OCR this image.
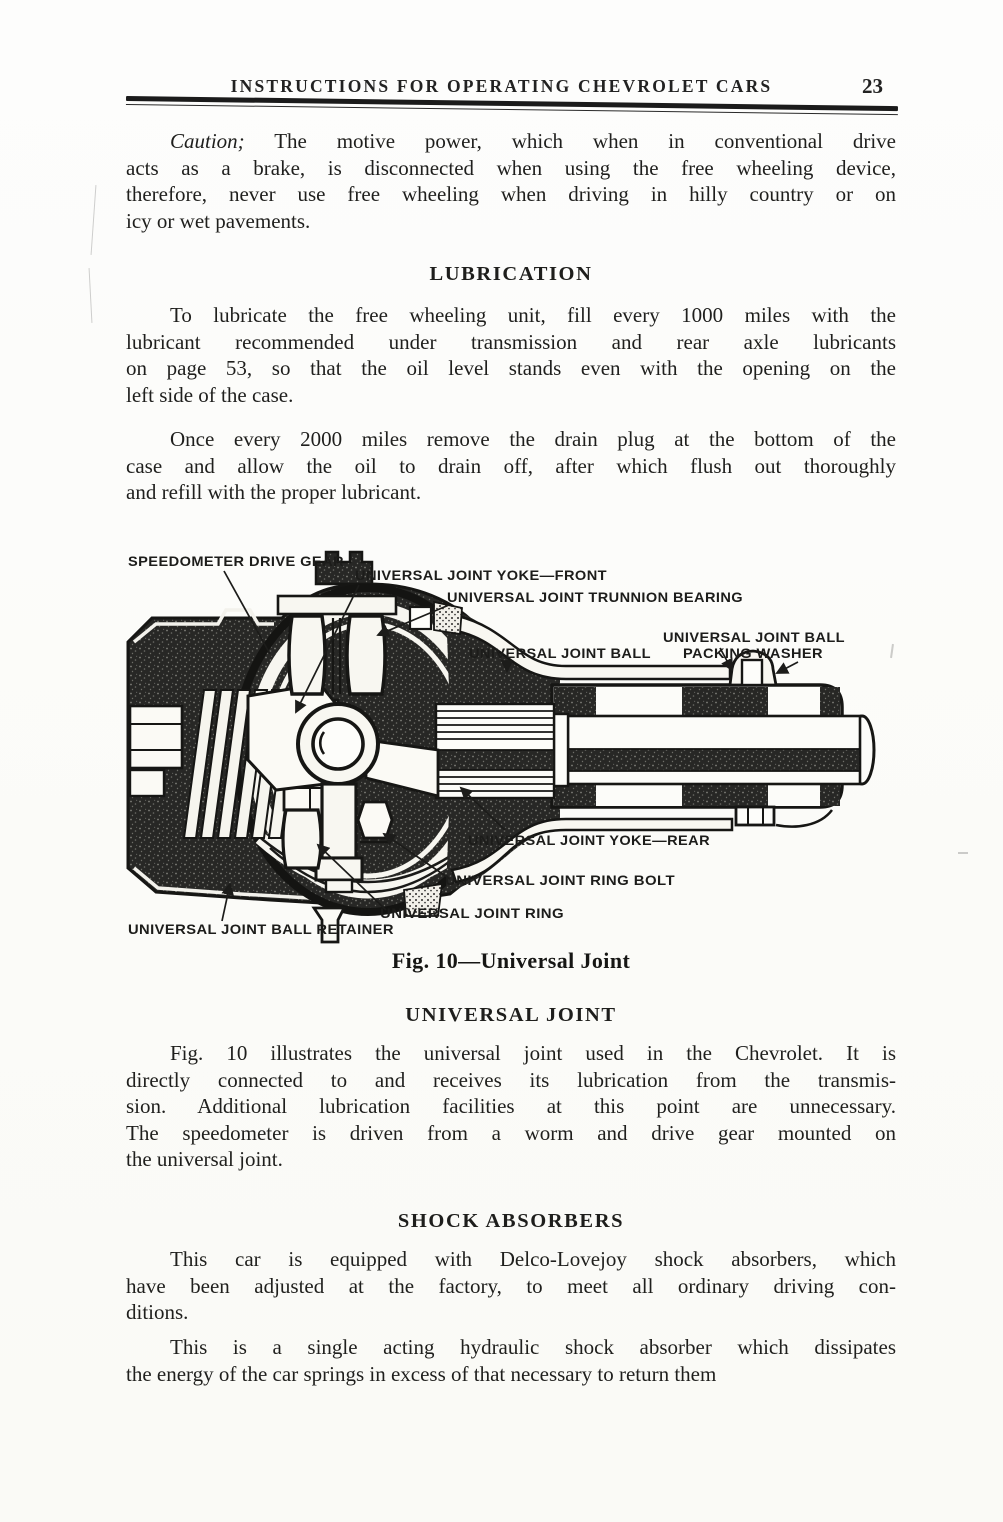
INSTRUCTIONS FOR OPERATING CHEVROLET CARS	23
Caution; The motive power, which when in conventional drive
acts as a brake, is disconnected when using the free wheeling device,
therefore, never use free wheeling when driving in hilly country or on
icy or wet pavements.
LUBRICATION
To lubricate the free wheeling unit, fill every 1000 miles with the
lubricant recommended under transmission and rear axle lubricants
on page 53, so that the oil level stands even with the opening on the
left side of the case.
Once every 2000 miles remove the drain plug at the bottom of the
case and allow the oil to drain off, after which flush out thoroughly
and refill with the proper lubricant.
SPEEDOMETER DRIVE GEAR
UNIVERSAL JOINT YOKE—FRONT
UNIVERSAL JOINT TRUNNION BEARING
UNIVERSAL JOINT BALL
UNIVERSAL JOINT BALL
PACKING WASHER
UNIVERSAL JOINT YOKE—REAR
UNIVERSAL JOINT RING BOLT
UNIVERSAL JOINT RING
UNIVERSAL JOINT BALL RETAINER
Fig. 10—Universal Joint
UNIVERSAL JOINT
Fig. 10 illustrates the universal joint used in the Chevrolet. It is
directly connected to and receives its lubrication from the transmis-
sion. Additional lubrication facilities at this point are unnecessary.
The speedometer is driven from a worm and drive gear mounted on
the universal joint.
SHOCK ABSORBERS
This car is equipped with Delco-Lovejoy shock absorbers, which
have been adjusted at the factory, to meet all ordinary driving con-
ditions.
This is a single acting hydraulic shock absorber which dissipates
the energy of the car springs in excess of that necessary to return them
